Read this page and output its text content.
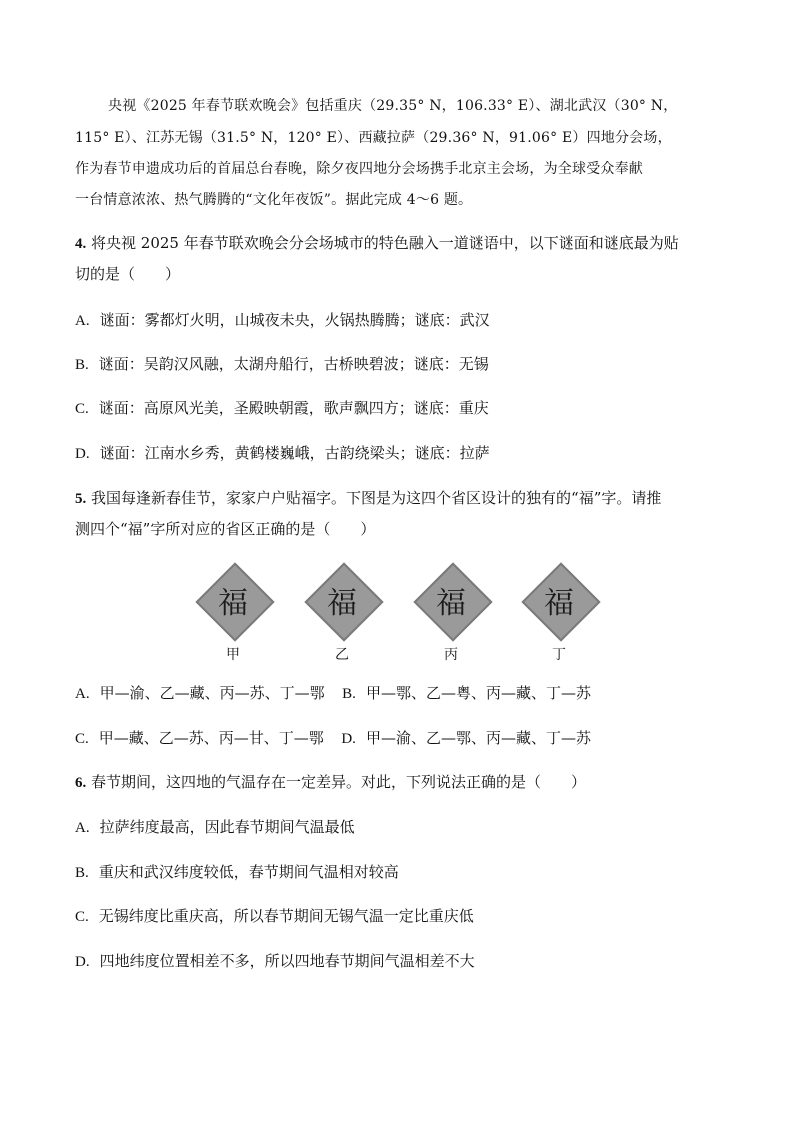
央视《2025 年春节联欢晚会》包括重庆（29.35° N，106.33° E）、湖北武汉（30° N，
115° E）、江苏无锡（31.5° N，120° E）、西藏拉萨（29.36° N，91.06° E）四地分会场，
作为春节申遗成功后的首届总台春晚，除夕夜四地分会场携手北京主会场，为全球受众奉献
一台情意浓浓、热气腾腾的“文化年夜饭”。据此完成 4～6 题。
4. 将央视 2025 年春节联欢晚会分会场城市的特色融入一道谜语中，以下谜面和谜底最为贴
切的是（　　）
A. 谜面：雾都灯火明，山城夜未央，火锅热腾腾；谜底：武汉
B. 谜面：吴韵汉风融，太湖舟船行，古桥映碧波；谜底：无锡
C. 谜面：高原风光美，圣殿映朝霞，歌声飘四方；谜底：重庆
D. 谜面：江南水乡秀，黄鹤楼巍峨，古韵绕梁头；谜底：拉萨
5. 我国每逢新春佳节，家家户户贴福字。下图是为这四个省区设计的独有的“福”字。请推
测四个“福”字所对应的省区正确的是（　　）
福	福	福	福
甲	乙	丙	丁
A. 甲—渝、乙—藏、丙—苏、丁—鄂 B. 甲—鄂、乙—粤、丙—藏、丁—苏
C. 甲—藏、乙—苏、丙—甘、丁—鄂 D. 甲—渝、乙—鄂、丙—藏、丁—苏
6. 春节期间，这四地的气温存在一定差异。对此，下列说法正确的是（　　）
A. 拉萨纬度最高，因此春节期间气温最低
B. 重庆和武汉纬度较低，春节期间气温相对较高
C. 无锡纬度比重庆高，所以春节期间无锡气温一定比重庆低
D. 四地纬度位置相差不多，所以四地春节期间气温相差不大
